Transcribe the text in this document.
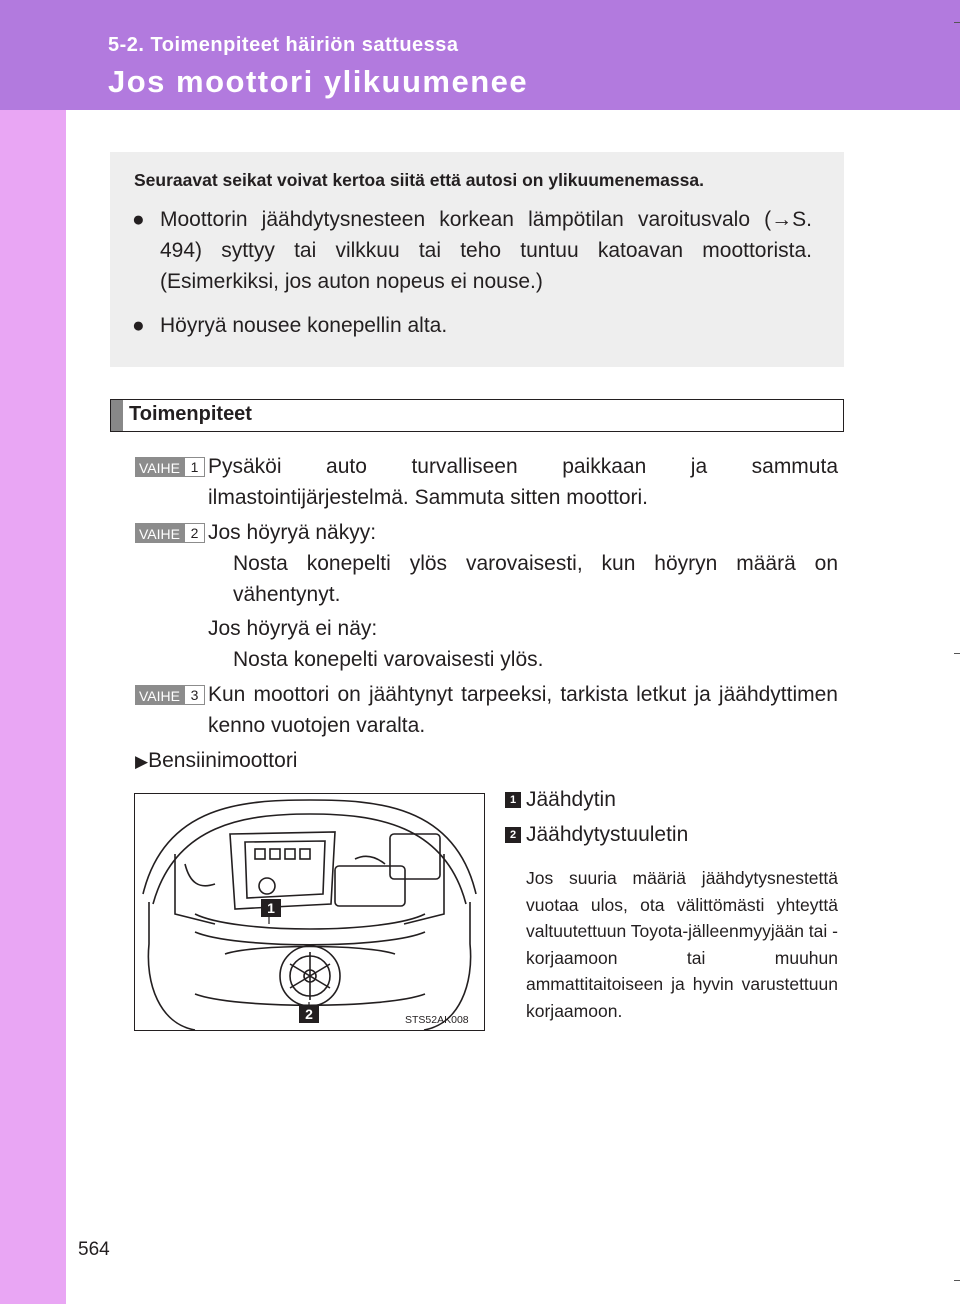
5-2. Toimenpiteet häiriön sattuessa
Jos moottori ylikuumenee
Seuraavat seikat voivat kertoa siitä että autosi on ylikuumenemassa.
● Moottorin jäähdytysnesteen korkean lämpötilan varoitusvalo (→S. 494) syttyy tai vilkkuu tai teho tuntuu katoavan moottorista. (Esimerkiksi, jos auton nopeus ei nouse.)
● Höyryä nousee konepellin alta.
Toimenpiteet
VAIHE 1 Pysäköi auto turvalliseen paikkaan ja sammuta ilmastointijärjestelmä. Sammuta sitten moottori.
VAIHE 2 Jos höyryä näkyy:
Nosta konepelti ylös varovaisesti, kun höyryn määrä on vähentynyt.
Jos höyryä ei näy:
Nosta konepelti varovaisesti ylös.
VAIHE 3 Kun moottori on jäähtynyt tarpeeksi, tarkista letkut ja jäähdyttimen kenno vuotojen varalta.
▶Bensiinimoottori
1
2	STS52AK008
1 Jäähdytin
2 Jäähdytystuuletin
Jos suuria määriä jäähdytysnestettä vuotaa ulos, ota välittömästi yhteyttä valtuutettuun Toyota-jälleenmyyjään tai -korjaamoon tai muuhun ammattitaitoiseen ja hyvin varustettuun korjaamoon.
564
